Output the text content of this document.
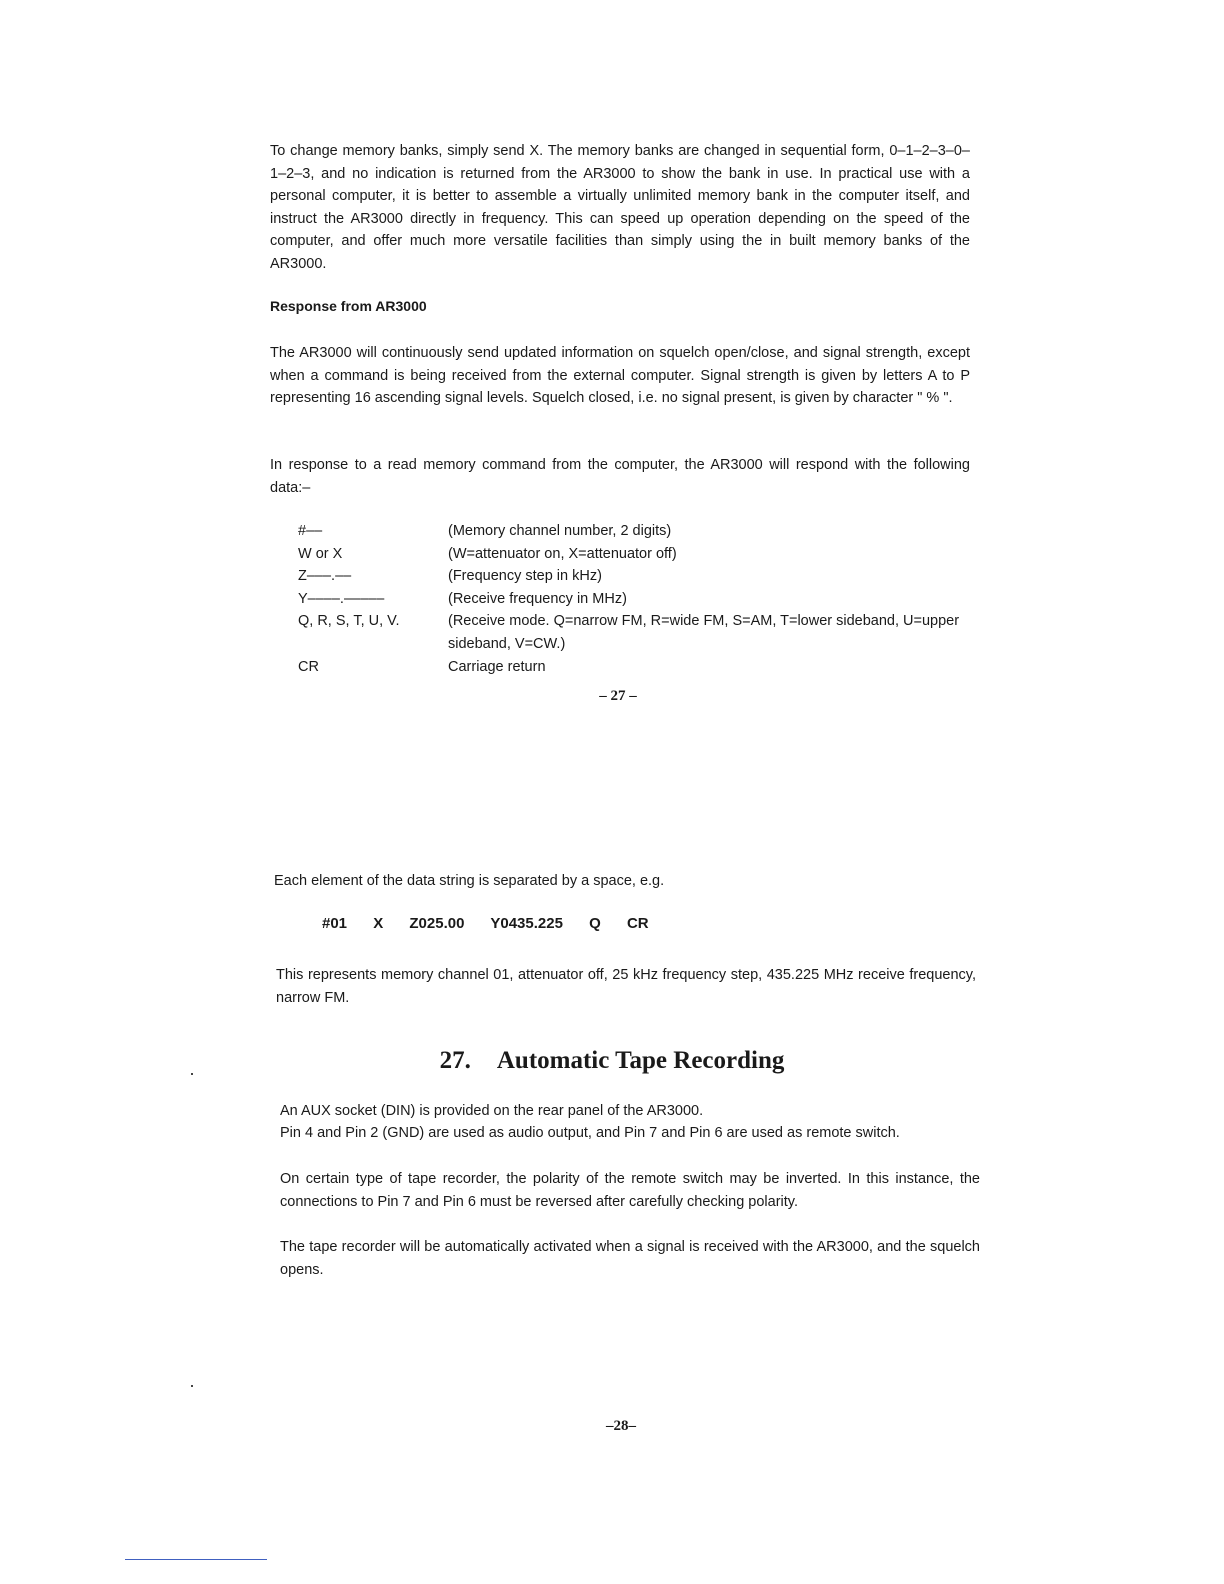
To change memory banks, simply send X. The memory banks are changed in sequential form, 0–1–2–3–0–1–2–3, and no indication is returned from the AR3000 to show the bank in use. In practical use with a personal computer, it is better to assemble a virtually unlimited memory bank in the computer itself, and instruct the AR3000 directly in frequency. This can speed up operation depending on the speed of the computer, and offer much more versatile facilities than simply using the in built memory banks of the AR3000.

Response from AR3000

The AR3000 will continuously send updated information on squelch open/close, and signal strength, except when a command is being received from the external computer. Signal strength is given by letters A to P representing 16 ascending signal levels. Squelch closed, i.e. no signal present, is given by character " % ".

In response to a read memory command from the computer, the AR3000 will respond with the following data:–

#––	(Memory channel number, 2 digits)
W or X	(W=attenuator on, X=attenuator off)
Z–––.––	(Frequency step in kHz)
Y––––.–––––	(Receive frequency in MHz)
Q, R, S, T, U, V.	(Receive mode. Q=narrow FM, R=wide FM, S=AM, T=lower sideband, U=upper sideband, V=CW.)
CR	Carriage return
– 27 –

Each element of the data string is separated by a space, e.g.

#01 X Z025.00 Y0435.225 Q CR

This represents memory channel 01, attenuator off, 25 kHz frequency step, 435.225 MHz receive frequency, narrow FM.

27. Automatic Tape Recording

An AUX socket (DIN) is provided on the rear panel of the AR3000.

Pin 4 and Pin 2 (GND) are used as audio output, and Pin 7 and Pin 6 are used as remote switch.

On certain type of tape recorder, the polarity of the remote switch may be inverted. In this instance, the connections to Pin 7 and Pin 6 must be reversed after carefully checking polarity.

The tape recorder will be automatically activated when a signal is received with the AR3000, and the squelch opens.

–28–
